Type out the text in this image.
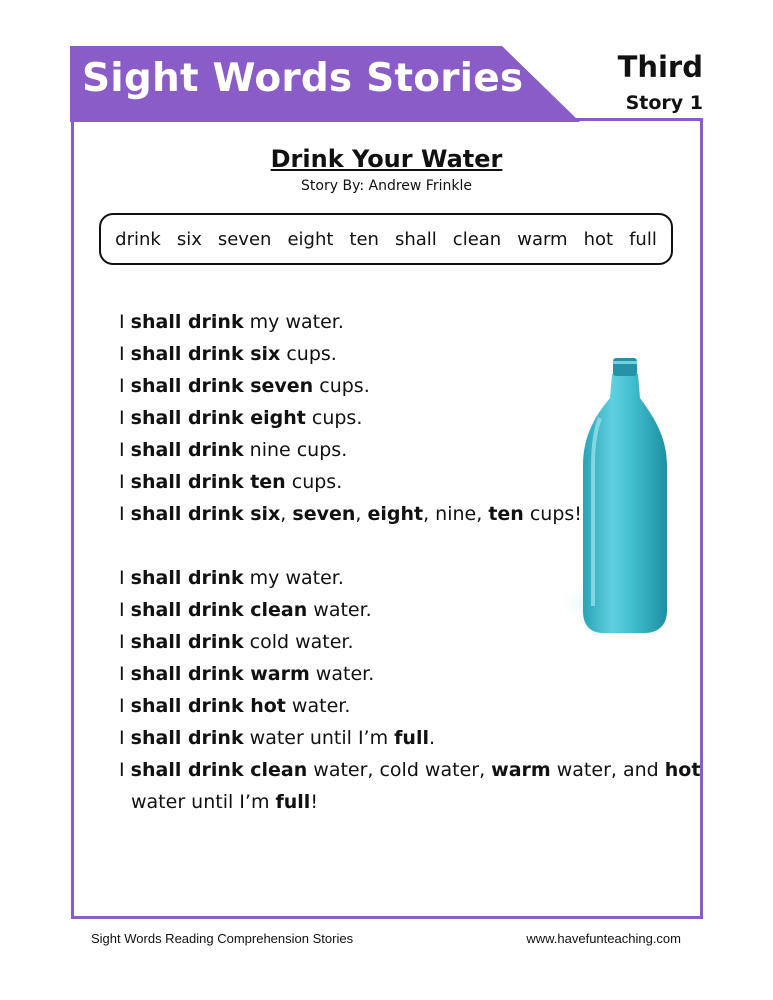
Sight Words Stories	Third
Story 1
Drink Your Water
Story By: Andrew Frinkle
drink six seven eight ten shall clean warm hot full
I shall drink my water.
I shall drink six cups.
I shall drink seven cups.
I shall drink eight cups.
I shall drink nine cups.
I shall drink ten cups.
I shall drink six, seven, eight, nine, ten cups!
I shall drink my water.
I shall drink clean water.
I shall drink cold water.
I shall drink warm water.
I shall drink hot water.
I shall drink water until I’m full.
I shall drink clean water, cold water, warm water, and hot
water until I’m full!
Sight Words Reading Comprehension Stories	www.havefunteaching.com
